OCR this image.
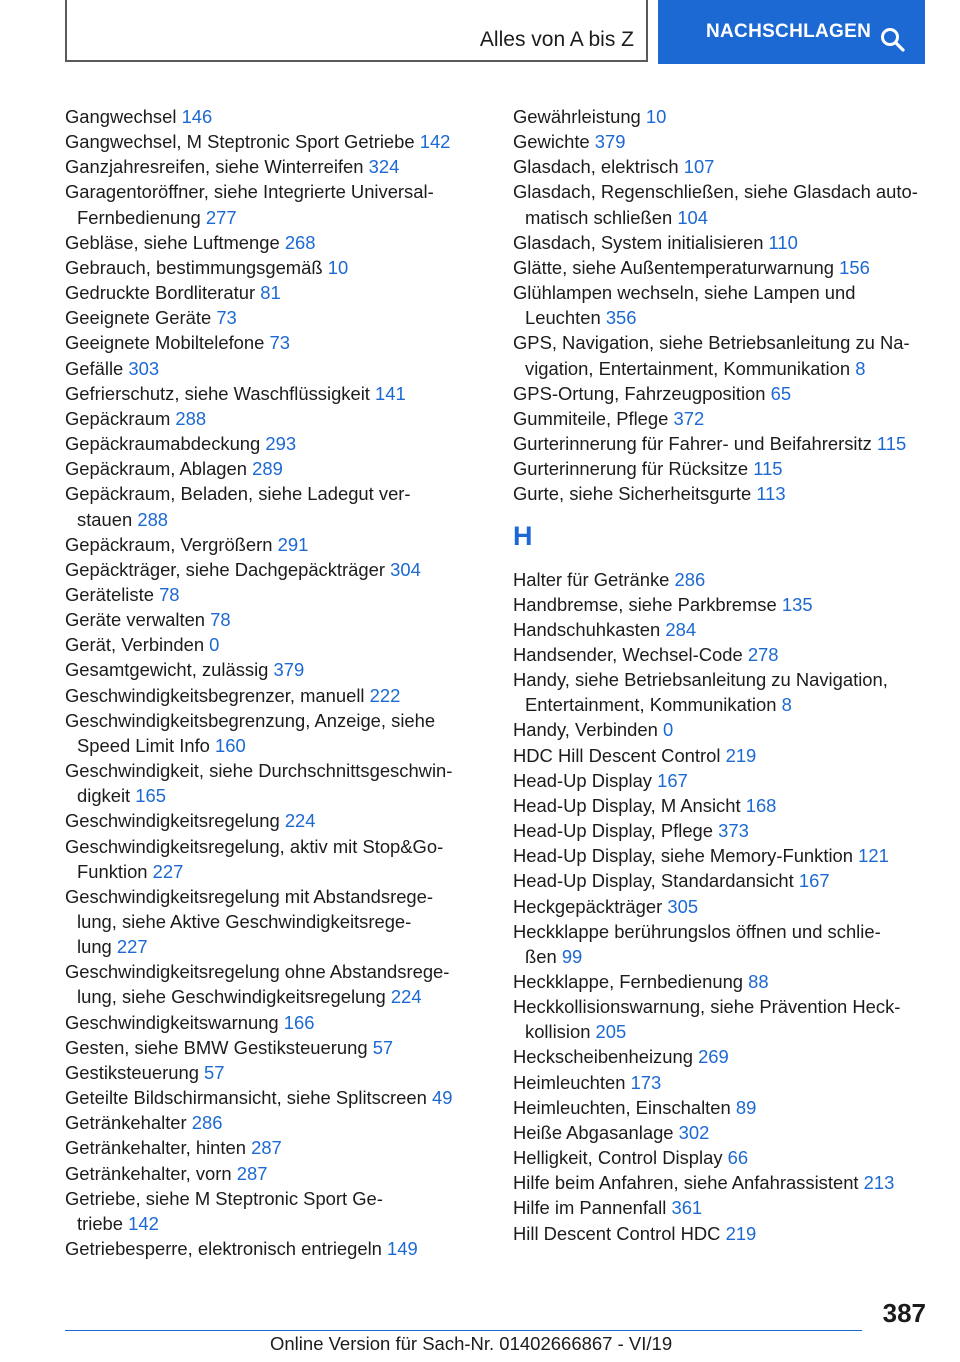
Alles von A bis Z	NACHSCHLAGEN
Gangwechsel 146
Gangwechsel, M Steptronic Sport Getriebe 142
Ganzjahresreifen, siehe Winterreifen 324
Garagentoröffner, siehe Integrierte Universal-
Fernbedienung 277
Gebläse, siehe Luftmenge 268
Gebrauch, bestimmungsgemäß 10
Gedruckte Bordliteratur 81
Geeignete Geräte 73
Geeignete Mobiltelefone 73
Gefälle 303
Gefrierschutz, siehe Waschflüssigkeit 141
Gepäckraum 288
Gepäckraumabdeckung 293
Gepäckraum, Ablagen 289
Gepäckraum, Beladen, siehe Ladegut ver-
stauen 288
Gepäckraum, Vergrößern 291
Gepäckträger, siehe Dachgepäckträger 304
Geräteliste 78
Geräte verwalten 78
Gerät, Verbinden 0
Gesamtgewicht, zulässig 379
Geschwindigkeitsbegrenzer, manuell 222
Geschwindigkeitsbegrenzung, Anzeige, siehe
Speed Limit Info 160
Geschwindigkeit, siehe Durchschnittsgeschwin-
digkeit 165
Geschwindigkeitsregelung 224
Geschwindigkeitsregelung, aktiv mit Stop&Go-
Funktion 227
Geschwindigkeitsregelung mit Abstandsrege-
lung, siehe Aktive Geschwindigkeitsrege-
lung 227
Geschwindigkeitsregelung ohne Abstandsrege-
lung, siehe Geschwindigkeitsregelung 224
Geschwindigkeitswarnung 166
Gesten, siehe BMW Gestiksteuerung 57
Gestiksteuerung 57
Geteilte Bildschirmansicht, siehe Splitscreen 49
Getränkehalter 286
Getränkehalter, hinten 287
Getränkehalter, vorn 287
Getriebe, siehe M Steptronic Sport Ge-
triebe 142
Getriebesperre, elektronisch entriegeln 149
Gewährleistung 10
Gewichte 379
Glasdach, elektrisch 107
Glasdach, Regenschließen, siehe Glasdach auto-
matisch schließen 104
Glasdach, System initialisieren 110
Glätte, siehe Außentemperaturwarnung 156
Glühlampen wechseln, siehe Lampen und
Leuchten 356
GPS, Navigation, siehe Betriebsanleitung zu Na-
vigation, Entertainment, Kommunikation 8
GPS-Ortung, Fahrzeugposition 65
Gummiteile, Pflege 372
Gurterinnerung für Fahrer- und Beifahrersitz 115
Gurterinnerung für Rücksitze 115
Gurte, siehe Sicherheitsgurte 113
H
Halter für Getränke 286
Handbremse, siehe Parkbremse 135
Handschuhkasten 284
Handsender, Wechsel-Code 278
Handy, siehe Betriebsanleitung zu Navigation,
Entertainment, Kommunikation 8
Handy, Verbinden 0
HDC Hill Descent Control 219
Head-Up Display 167
Head-Up Display, M Ansicht 168
Head-Up Display, Pflege 373
Head-Up Display, siehe Memory-Funktion 121
Head-Up Display, Standardansicht 167
Heckgepäckträger 305
Heckklappe berührungslos öffnen und schlie-
ßen 99
Heckklappe, Fernbedienung 88
Heckkollisionswarnung, siehe Prävention Heck-
kollision 205
Heckscheibenheizung 269
Heimleuchten 173
Heimleuchten, Einschalten 89
Heiße Abgasanlage 302
Helligkeit, Control Display 66
Hilfe beim Anfahren, siehe Anfahrassistent 213
Hilfe im Pannenfall 361
Hill Descent Control HDC 219
387
Online Version für Sach-Nr. 01402666867 - VI/19
